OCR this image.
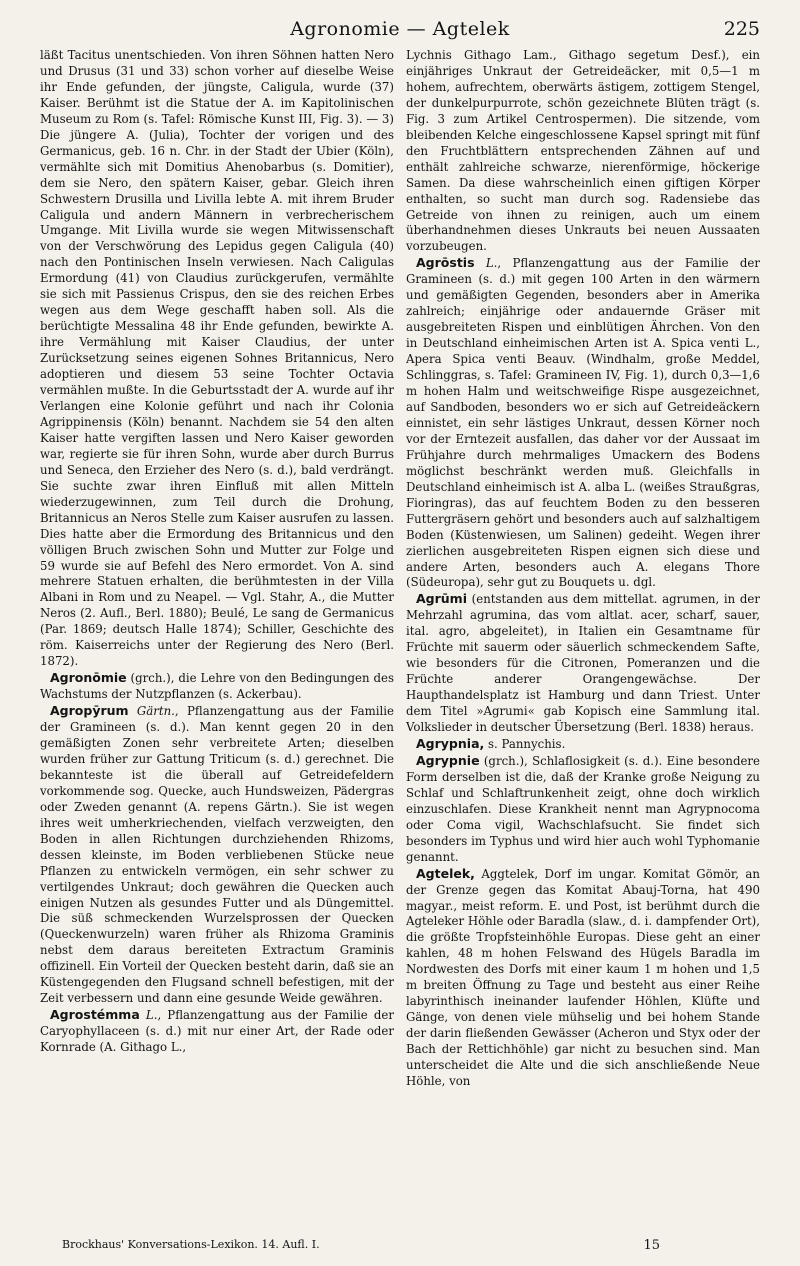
Agronomie — Agtelek	225

läßt Tacitus unentschieden. Von ihren Söhnen hatten Nero und Drusus (31 und 33) schon vorher auf dieselbe Weise ihr Ende gefunden, der jüngste, Caligula, wurde (37) Kaiser. Berühmt ist die Statue der A. im Kapitolinischen Museum zu Rom (s. Tafel: Römische Kunst III, Fig. 3). — 3) Die jüngere A. (Julia), Tochter der vorigen und des Germanicus, geb. 16 n. Chr. in der Stadt der Ubier (Köln), vermählte sich mit Domitius Ahenobarbus (s. Domitier), dem sie Nero, den spätern Kaiser, gebar. Gleich ihren Schwestern Drusilla und Livilla lebte A. mit ihrem Bruder Caligula und andern Männern in verbrecherischem Umgange. Mit Livilla wurde sie wegen Mitwissenschaft von der Verschwörung des Lepidus gegen Caligula (40) nach den Pontinischen Inseln verwiesen. Nach Caligulas Ermordung (41) von Claudius zurückgerufen, vermählte sie sich mit Passienus Crispus, den sie des reichen Erbes wegen aus dem Wege geschafft haben soll. Als die berüchtigte Messalina 48 ihr Ende gefunden, bewirkte A. ihre Vermählung mit Kaiser Claudius, der unter Zurücksetzung seines eigenen Sohnes Britannicus, Nero adoptieren und diesem 53 seine Tochter Octavia vermählen mußte. In die Geburtsstadt der A. wurde auf ihr Verlangen eine Kolonie geführt und nach ihr Colonia Agrippinensis (Köln) benannt. Nachdem sie 54 den alten Kaiser hatte vergiften lassen und Nero Kaiser geworden war, regierte sie für ihren Sohn, wurde aber durch Burrus und Seneca, den Erzieher des Nero (s. d.), bald verdrängt. Sie suchte zwar ihren Einfluß mit allen Mitteln wiederzugewinnen, zum Teil durch die Drohung, Britannicus an Neros Stelle zum Kaiser ausrufen zu lassen. Dies hatte aber die Ermordung des Britannicus und den völligen Bruch zwischen Sohn und Mutter zur Folge und 59 wurde sie auf Befehl des Nero ermordet. Von A. sind mehrere Statuen erhalten, die berühmtesten in der Villa Albani in Rom und zu Neapel. — Vgl. Stahr, A., die Mutter Neros (2. Aufl., Berl. 1880); Beulé, Le sang de Germanicus (Par. 1869; deutsch Halle 1874); Schiller, Geschichte des röm. Kaiserreichs unter der Regierung des Nero (Berl. 1872).

Agronōmie (grch.), die Lehre von den Bedingungen des Wachstums der Nutzpflanzen (s. Ackerbau).

Agropȳrum Gärtn., Pflanzengattung aus der Familie der Gramineen (s. d.). Man kennt gegen 20 in den gemäßigten Zonen sehr verbreitete Arten; dieselben wurden früher zur Gattung Triticum (s. d.) gerechnet. Die bekannteste ist die überall auf Getreidefeldern vorkommende sog. Quecke, auch Hundsweizen, Pädergras oder Zweden genannt (A. repens Gärtn.). Sie ist wegen ihres weit umherkriechenden, vielfach verzweigten, den Boden in allen Richtungen durchziehenden Rhizoms, dessen kleinste, im Boden verbliebenen Stücke neue Pflanzen zu entwickeln vermögen, ein sehr schwer zu vertilgendes Unkraut; doch gewähren die Quecken auch einigen Nutzen als gesundes Futter und als Düngemittel. Die süß schmeckenden Wurzelsprossen der Quecken (Queckenwurzeln) waren früher als Rhizoma Graminis nebst dem daraus bereiteten Extractum Graminis offizinell. Ein Vorteil der Quecken besteht darin, daß sie an Küstengegenden den Flugsand schnell befestigen, mit der Zeit verbessern und dann eine gesunde Weide gewähren.

Agrostémma L., Pflanzengattung aus der Familie der Caryophyllaceen (s. d.) mit nur einer Art, der Rade oder Kornrade (A. Githago L.,

Lychnis Githago Lam., Githago segetum Desf.), ein einjähriges Unkraut der Getreideäcker, mit 0,5—1 m hohem, aufrechtem, oberwärts ästigem, zottigem Stengel, der dunkelpurpurrote, schön gezeichnete Blüten trägt (s. Fig. 3 zum Artikel Centrospermen). Die sitzende, vom bleibenden Kelche eingeschlossene Kapsel springt mit fünf den Fruchtblättern entsprechenden Zähnen auf und enthält zahlreiche schwarze, nierenförmige, höckerige Samen. Da diese wahrscheinlich einen giftigen Körper enthalten, so sucht man durch sog. Radensiebe das Getreide von ihnen zu reinigen, auch um einem überhandnehmen dieses Unkrauts bei neuen Aussaaten vorzubeugen.

Agrōstis L., Pflanzengattung aus der Familie der Gramineen (s. d.) mit gegen 100 Arten in den wärmern und gemäßigten Gegenden, besonders aber in Amerika zahlreich; einjährige oder andauernde Gräser mit ausgebreiteten Rispen und einblütigen Ährchen. Von den in Deutschland einheimischen Arten ist A. Spica venti L., Apera Spica venti Beauv. (Windhalm, große Meddel, Schlinggras, s. Tafel: Gramineen IV, Fig. 1), durch 0,3—1,6 m hohen Halm und weitschweifige Rispe ausgezeichnet, auf Sandboden, besonders wo er sich auf Getreideäckern einnistet, ein sehr lästiges Unkraut, dessen Körner noch vor der Erntezeit ausfallen, das daher vor der Aussaat im Frühjahre durch mehrmaliges Umackern des Bodens möglichst beschränkt werden muß. Gleichfalls in Deutschland einheimisch ist A. alba L. (weißes Straußgras, Fioringras), das auf feuchtem Boden zu den besseren Futtergräsern gehört und besonders auch auf salzhaltigem Boden (Küstenwiesen, um Salinen) gedeiht. Wegen ihrer zierlichen ausgebreiteten Rispen eignen sich diese und andere Arten, besonders auch A. elegans Thore (Südeuropa), sehr gut zu Bouquets u. dgl.

Agrūmi (entstanden aus dem mittellat. agrumen, in der Mehrzahl agrumina, das vom altlat. acer, scharf, sauer, ital. agro, abgeleitet), in Italien ein Gesamtname für Früchte mit sauerm oder säuerlich schmeckendem Safte, wie besonders für die Citronen, Pomeranzen und die Früchte anderer Orangengewächse. Der Haupthandelsplatz ist Hamburg und dann Triest. Unter dem Titel »Agrumi« gab Kopisch eine Sammlung ital. Volkslieder in deutscher Übersetzung (Berl. 1838) heraus.

Agrypnia, s. Pannychis.

Agrypnie (grch.), Schlaflosigkeit (s. d.). Eine besondere Form derselben ist die, daß der Kranke große Neigung zu Schlaf und Schlaftrunkenheit zeigt, ohne doch wirklich einzuschlafen. Diese Krankheit nennt man Agrypnocoma oder Coma vigil, Wachschlafsucht. Sie findet sich besonders im Typhus und wird hier auch wohl Typhomanie genannt.

Agtelek, Aggtelek, Dorf im ungar. Komitat Gömör, an der Grenze gegen das Komitat Abauj-Torna, hat 490 magyar., meist reform. E. und Post, ist berühmt durch die Agteleker Höhle oder Baradla (slaw., d. i. dampfender Ort), die größte Tropfsteinhöhle Europas. Diese geht an einer kahlen, 48 m hohen Felswand des Hügels Baradla im Nordwesten des Dorfs mit einer kaum 1 m hohen und 1,5 m breiten Öffnung zu Tage und besteht aus einer Reihe labyrinthisch ineinander laufender Höhlen, Klüfte und Gänge, von denen viele mühselig und bei hohem Stande der darin fließenden Gewässer (Acheron und Styx oder der Bach der Rettichhöhle) gar nicht zu besuchen sind. Man unterscheidet die Alte und die sich anschließende Neue Höhle, von

Brockhaus' Konversations-Lexikon. 14. Aufl. I.	15
